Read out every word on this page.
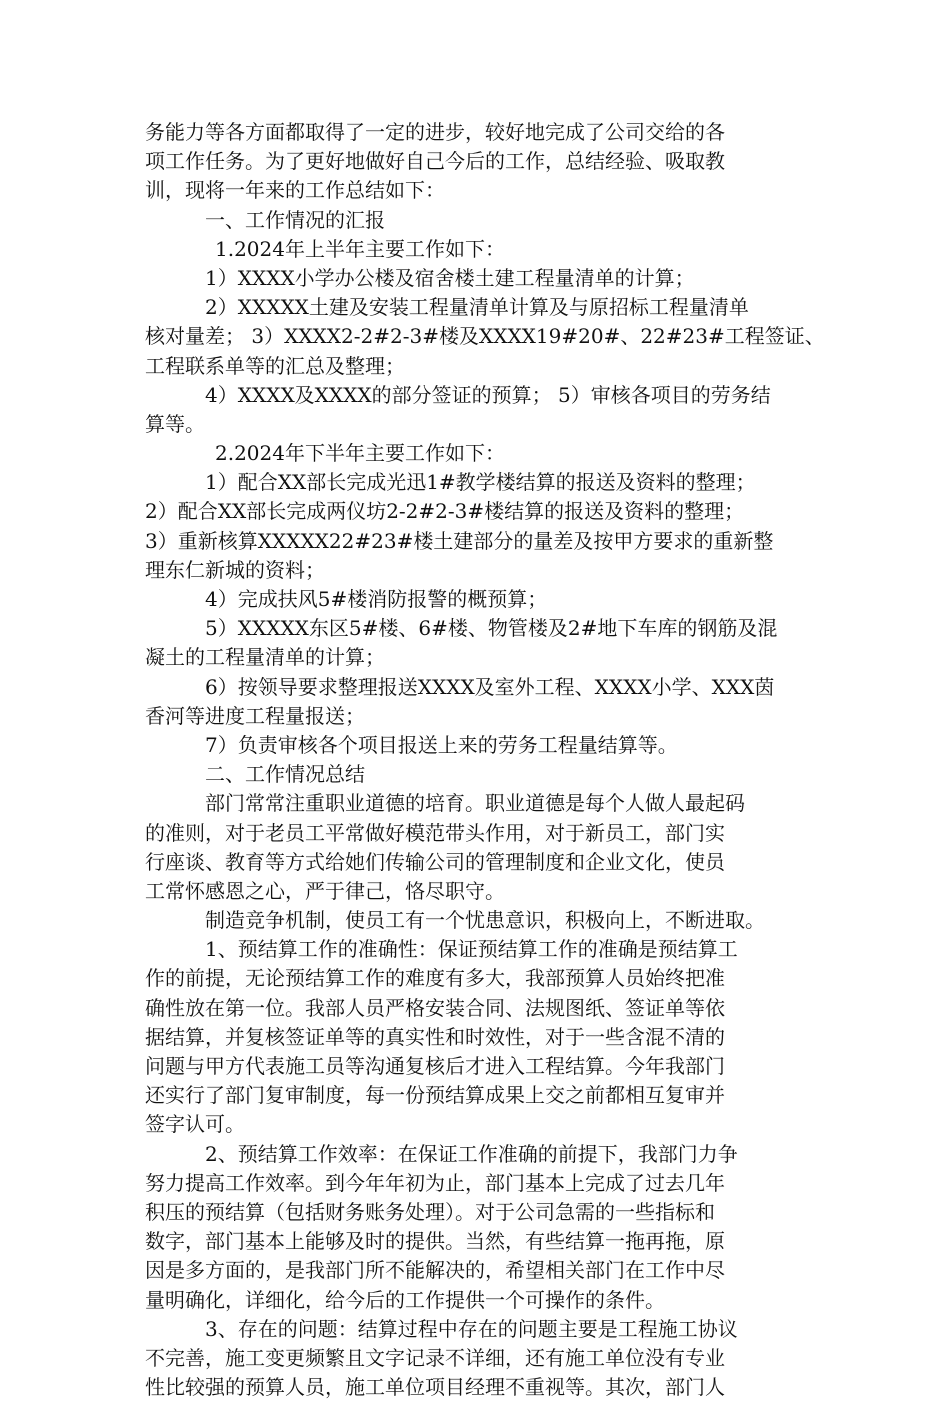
务能力等各方面都取得了一定的进步，较好地完成了公司交给的各
项工作任务。为了更好地做好自己今后的工作，总结经验、吸取教
训，现将一年来的工作总结如下：
一、工作情况的汇报
1.2024年上半年主要工作如下：
1）XXXX小学办公楼及宿舍楼土建工程量清单的计算；
2）XXXXX土建及安装工程量清单计算及与原招标工程量清单
核对量差； 3）XXXX2-2#2-3#楼及XXXX19#20#、22#23#工程签证、
工程联系单等的汇总及整理；
4）XXXX及XXXX的部分签证的预算； 5）审核各项目的劳务结
算等。
2.2024年下半年主要工作如下：
1）配合XX部长完成光迅1#教学楼结算的报送及资料的整理；
2）配合XX部长完成两仪坊2-2#2-3#楼结算的报送及资料的整理；
3）重新核算XXXXX22#23#楼土建部分的量差及按甲方要求的重新整
理东仁新城的资料；
4）完成扶风5#楼消防报警的概预算；
5）XXXXX东区5#楼、6#楼、物管楼及2#地下车库的钢筋及混
凝土的工程量清单的计算；
6）按领导要求整理报送XXXX及室外工程、XXXX小学、XXX茵
香河等进度工程量报送；
7）负责审核各个项目报送上来的劳务工程量结算等。
二、工作情况总结
部门常常注重职业道德的培育。职业道德是每个人做人最起码
的准则，对于老员工平常做好模范带头作用，对于新员工，部门实
行座谈、教育等方式给她们传输公司的管理制度和企业文化，使员
工常怀感恩之心，严于律己，恪尽职守。
制造竞争机制，使员工有一个忧患意识，积极向上，不断进取。
1、预结算工作的准确性：保证预结算工作的准确是预结算工
作的前提，无论预结算工作的难度有多大，我部预算人员始终把准
确性放在第一位。我部人员严格安装合同、法规图纸、签证单等依
据结算，并复核签证单等的真实性和时效性，对于一些含混不清的
问题与甲方代表施工员等沟通复核后才进入工程结算。今年我部门
还实行了部门复审制度，每一份预结算成果上交之前都相互复审并
签字认可。
2、预结算工作效率：在保证工作准确的前提下，我部门力争
努力提高工作效率。到今年年初为止，部门基本上完成了过去几年
积压的预结算（包括财务账务处理）。对于公司急需的一些指标和
数字，部门基本上能够及时的提供。当然，有些结算一拖再拖，原
因是多方面的，是我部门所不能解决的，希望相关部门在工作中尽
量明确化，详细化，给今后的工作提供一个可操作的条件。
3、存在的问题：结算过程中存在的问题主要是工程施工协议
不完善，施工变更频繁且文字记录不详细，还有施工单位没有专业
性比较强的预算人员，施工单位项目经理不重视等。其次，部门人
